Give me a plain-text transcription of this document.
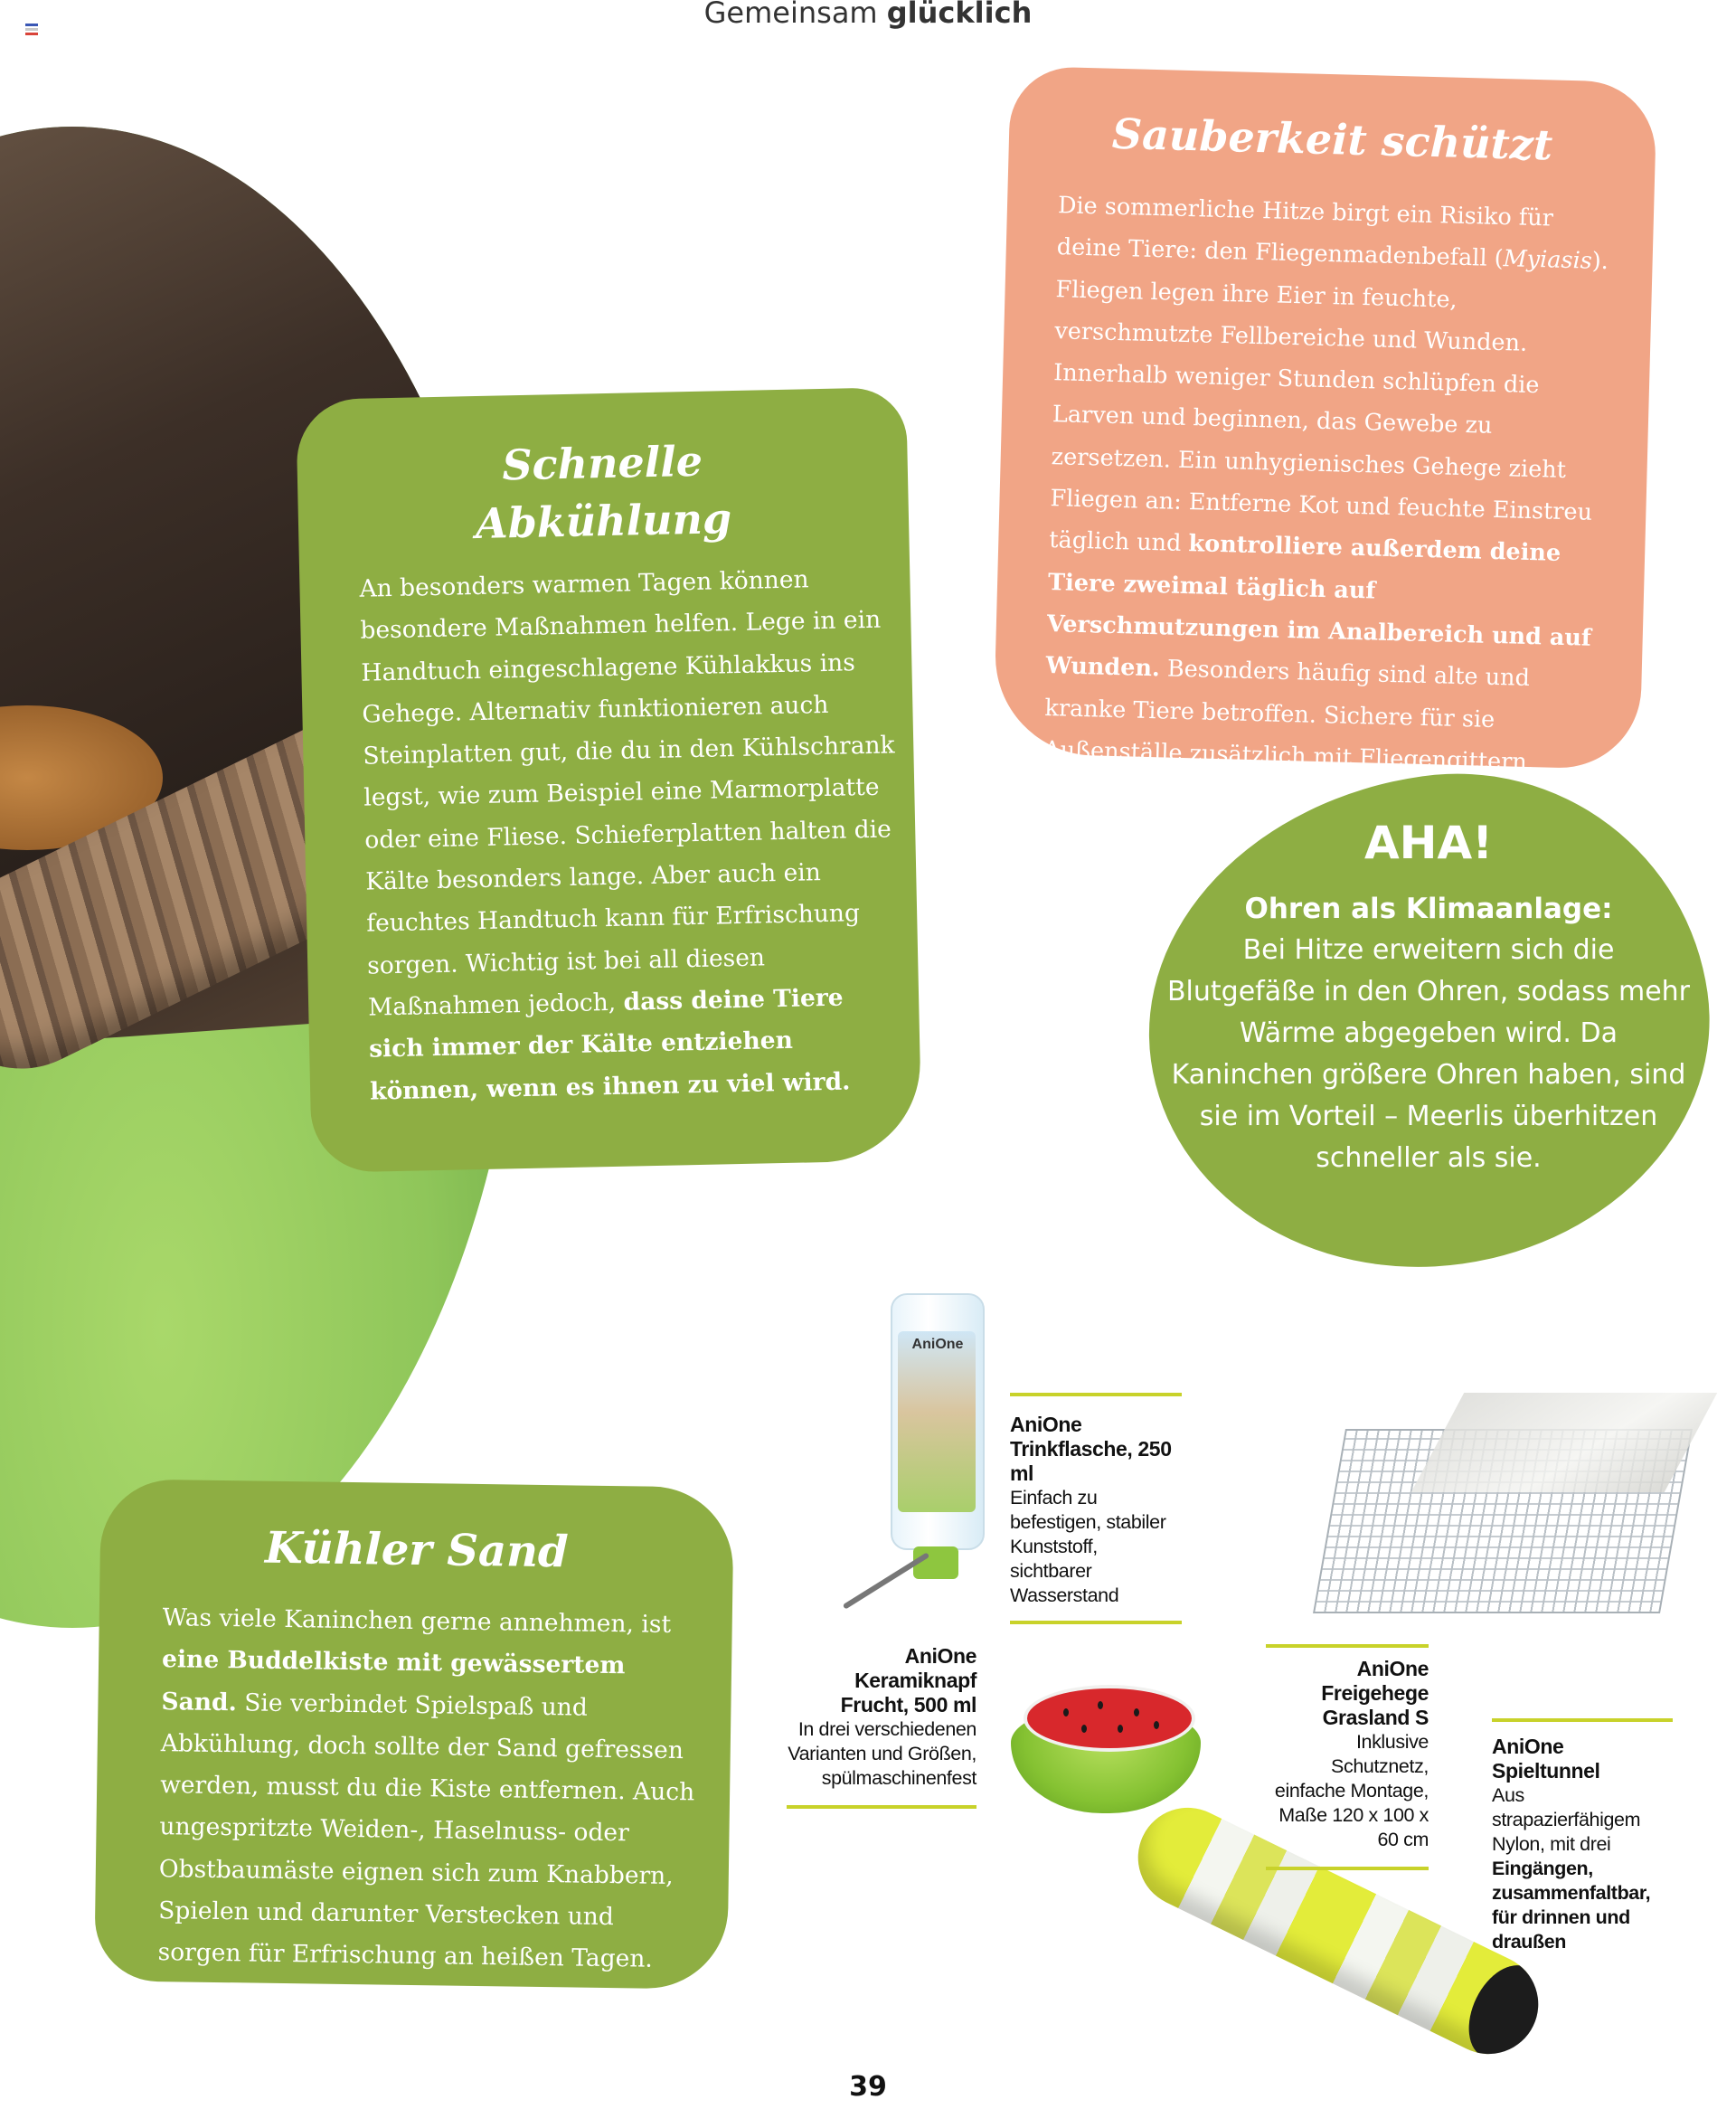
Gemeinsam glücklich
Schnelle
Abkühlung
An besonders warmen Tagen können besondere Maßnahmen helfen. Lege in ein Handtuch eingeschlagene Kühlakkus ins Gehege. Alternativ funktionieren auch Steinplatten gut, die du in den Kühlschrank legst, wie zum Beispiel eine Marmorplatte oder eine Fliese. Schieferplatten halten die Kälte besonders lange. Aber auch ein feuchtes Handtuch kann für Erfrischung sorgen. Wichtig ist bei all diesen Maßnahmen jedoch, dass deine Tiere sich immer der Kälte entziehen können, wenn es ihnen zu viel wird.
Sauberkeit schützt
Die sommerliche Hitze birgt ein Risiko für deine Tiere: den Fliegenmadenbefall (Myiasis). Fliegen legen ihre Eier in feuchte, verschmutzte Fellbereiche und Wunden. Innerhalb weniger Stunden schlüpfen die Larven und beginnen, das Gewebe zu zersetzen. Ein unhygienisches Gehege zieht Fliegen an: Entferne Kot und feuchte Einstreu täglich und kontrolliere außerdem deine Tiere zweimal täglich auf Verschmutzungen im Analbereich und auf Wunden. Besonders häufig sind alte und kranke Tiere betroffen. Sichere für sie Außenställe zusätzlich mit Fliegengittern.
AHA!
Ohren als Klimaanlage:
Bei Hitze erweitern sich die Blutgefäße in den Ohren, sodass mehr Wärme abgegeben wird. Da Kaninchen größere Ohren haben, sind sie im Vorteil – Meerlis überhitzen schneller als sie.
Kühler Sand
Was viele Kaninchen gerne annehmen, ist eine Buddelkiste mit gewässertem Sand. Sie verbindet Spielspaß und Abkühlung, doch sollte der Sand gefressen werden, musst du die Kiste entfernen. Auch ungespritzte Weiden-, Haselnuss- oder Obstbaumäste eignen sich zum Knabbern, Spielen und darunter Verstecken und sorgen für Erfrischung an heißen Tagen.
AniOne
AniOne Trinkflasche, 250 ml
Einfach zu befestigen, stabiler Kunststoff, sichtbarer Wasserstand
AniOne Keramiknapf Frucht, 500 ml
In drei verschiedenen Varianten und Größen, spülmaschinenfest
AniOne Freigehege Grasland S
Inklusive Schutznetz, einfache Montage, Maße 120 x 100 x 60 cm
AniOne Spieltunnel
Aus strapazierfähigem Nylon, mit drei Eingängen, zusammenfaltbar, für drinnen und draußen
39
